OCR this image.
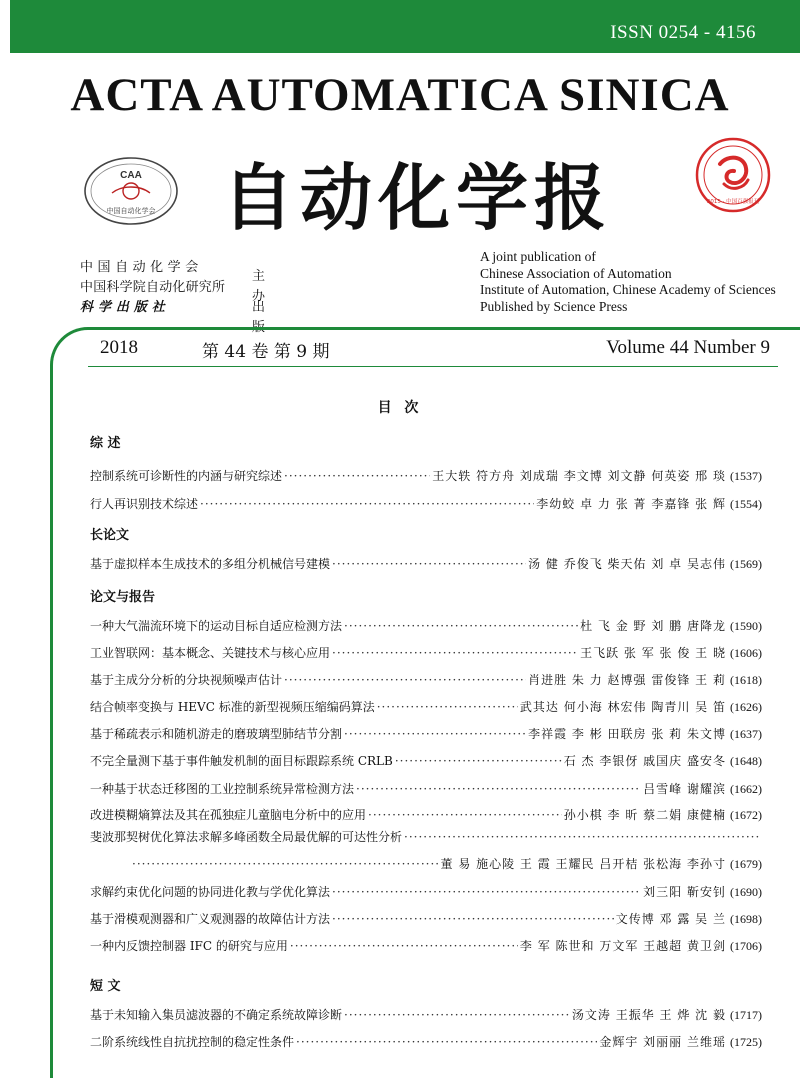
ISSN 0254 - 4156
ACTA AUTOMATICA SINICA
CAA
中国自动化学会 自动化学报	2015 · 中国百强报刊
中 国 自 动 化 学 会
中国科学院自动化研究所
科 学 出 版 社
主办
出版
A joint publication of
Chinese Association of Automation
Institute of Automation, Chinese Academy of Sciences
Published by Science Press
2018	第 44 卷 第 9 期	Volume 44 Number 9
目 次
综 述
控制系统可诊断性的内涵与研究综述 ·····	王大轶 符方舟 刘成瑞 李文博 刘文静 何英姿 邢 琰 (1537)
行人再识别技术综述 ·····	李幼蛟 卓 力 张 菁 李嘉锋 张 辉 (1554)
长论文
基于虚拟样本生成技术的多组分机械信号建模 ·····	汤 健 乔俊飞 柴天佑 刘 卓 吴志伟 (1569)
论文与报告
一种大气湍流环境下的运动目标自适应检测方法 ·····	杜 飞 金 野 刘 鹏 唐降龙 (1590)
工业智联网：基本概念、关键技术与核心应用 ·····	王飞跃 张 军 张 俊 王 晓 (1606)
基于主成分分析的分块视频噪声估计 ·····	肖进胜 朱 力 赵博强 雷俊锋 王 莉 (1618)
结合帧率变换与 HEVC 标准的新型视频压缩编码算法 ·····	武其达 何小海 林宏伟 陶青川 吴 笛 (1626)
基于稀疏表示和随机游走的磨玻璃型肺结节分割 ·····	李祥霞 李 彬 田联房 张 莉 朱文博 (1637)
不完全量测下基于事件触发机制的面目标跟踪系统 CRLB ·····	石 杰 李银伢 戚国庆 盛安冬 (1648)
一种基于状态迁移图的工业控制系统异常检测方法 ·····	吕雪峰 谢耀滨 (1662)
改进模糊熵算法及其在孤独症儿童脑电分析中的应用 ·····	孙小棋 李 昕 蔡二娟 康健楠 (1672)
斐波那契树优化算法求解多峰函数全局最优解的可达性分析
·····
·····
董 易 施心陵 王 霞 王耀民 吕开桔 张松海 李孙寸 (1679)
求解约束优化问题的协同进化教与学优化算法 ·····	刘三阳 靳安钊 (1690)
基于滑模观测器和广义观测器的故障估计方法 ·····	文传博 邓 露 吴 兰 (1698)
一种内反馈控制器 IFC 的研究与应用 ·····	李 军 陈世和 万文军 王越超 黄卫剑 (1706)
短 文
基于未知输入集员滤波器的不确定系统故障诊断 ·····	汤文涛 王振华 王 烨 沈 毅 (1717)
二阶系统线性自抗扰控制的稳定性条件 ·····	金辉宇 刘丽丽 兰维瑶 (1725)
